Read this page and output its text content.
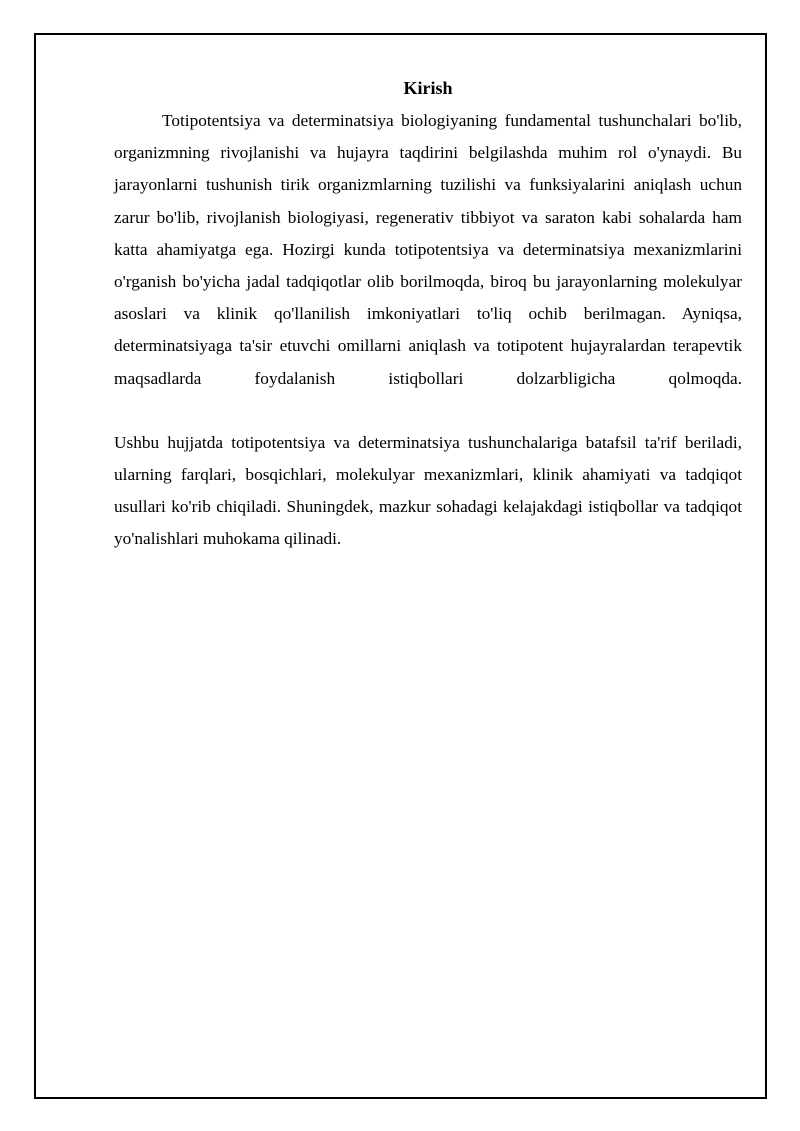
Kirish

Totipotentsiya va determinatsiya biologiyaning fundamental tushunchalari bo'lib, organizmning rivojlanishi va hujayra taqdirini belgilashda muhim rol o'ynaydi. Bu jarayonlarni tushunish tirik organizmlarning tuzilishi va funksiyalarini aniqlash uchun zarur bo'lib, rivojlanish biologiyasi, regenerativ tibbiyot va saraton kabi sohalarda ham katta ahamiyatga ega. Hozirgi kunda totipotentsiya va determinatsiya mexanizmlarini o'rganish bo'yicha jadal tadqiqotlar olib borilmoqda, biroq bu jarayonlarning molekulyar asoslari va klinik qo'llanilish imkoniyatlari to'liq ochib berilmagan. Ayniqsa, determinatsiyaga ta'sir etuvchi omillarni aniqlash va totipotent hujayralardan terapevtik maqsadlarda foydalanish istiqbollari dolzarbligicha qolmoqda.

Ushbu hujjatda totipotentsiya va determinatsiya tushunchalariga batafsil ta'rif beriladi, ularning farqlari, bosqichlari, molekulyar mexanizmlari, klinik ahamiyati va tadqiqot usullari ko'rib chiqiladi. Shuningdek, mazkur sohadagi kelajakdagi istiqbollar va tadqiqot yo'nalishlari muhokama qilinadi.
